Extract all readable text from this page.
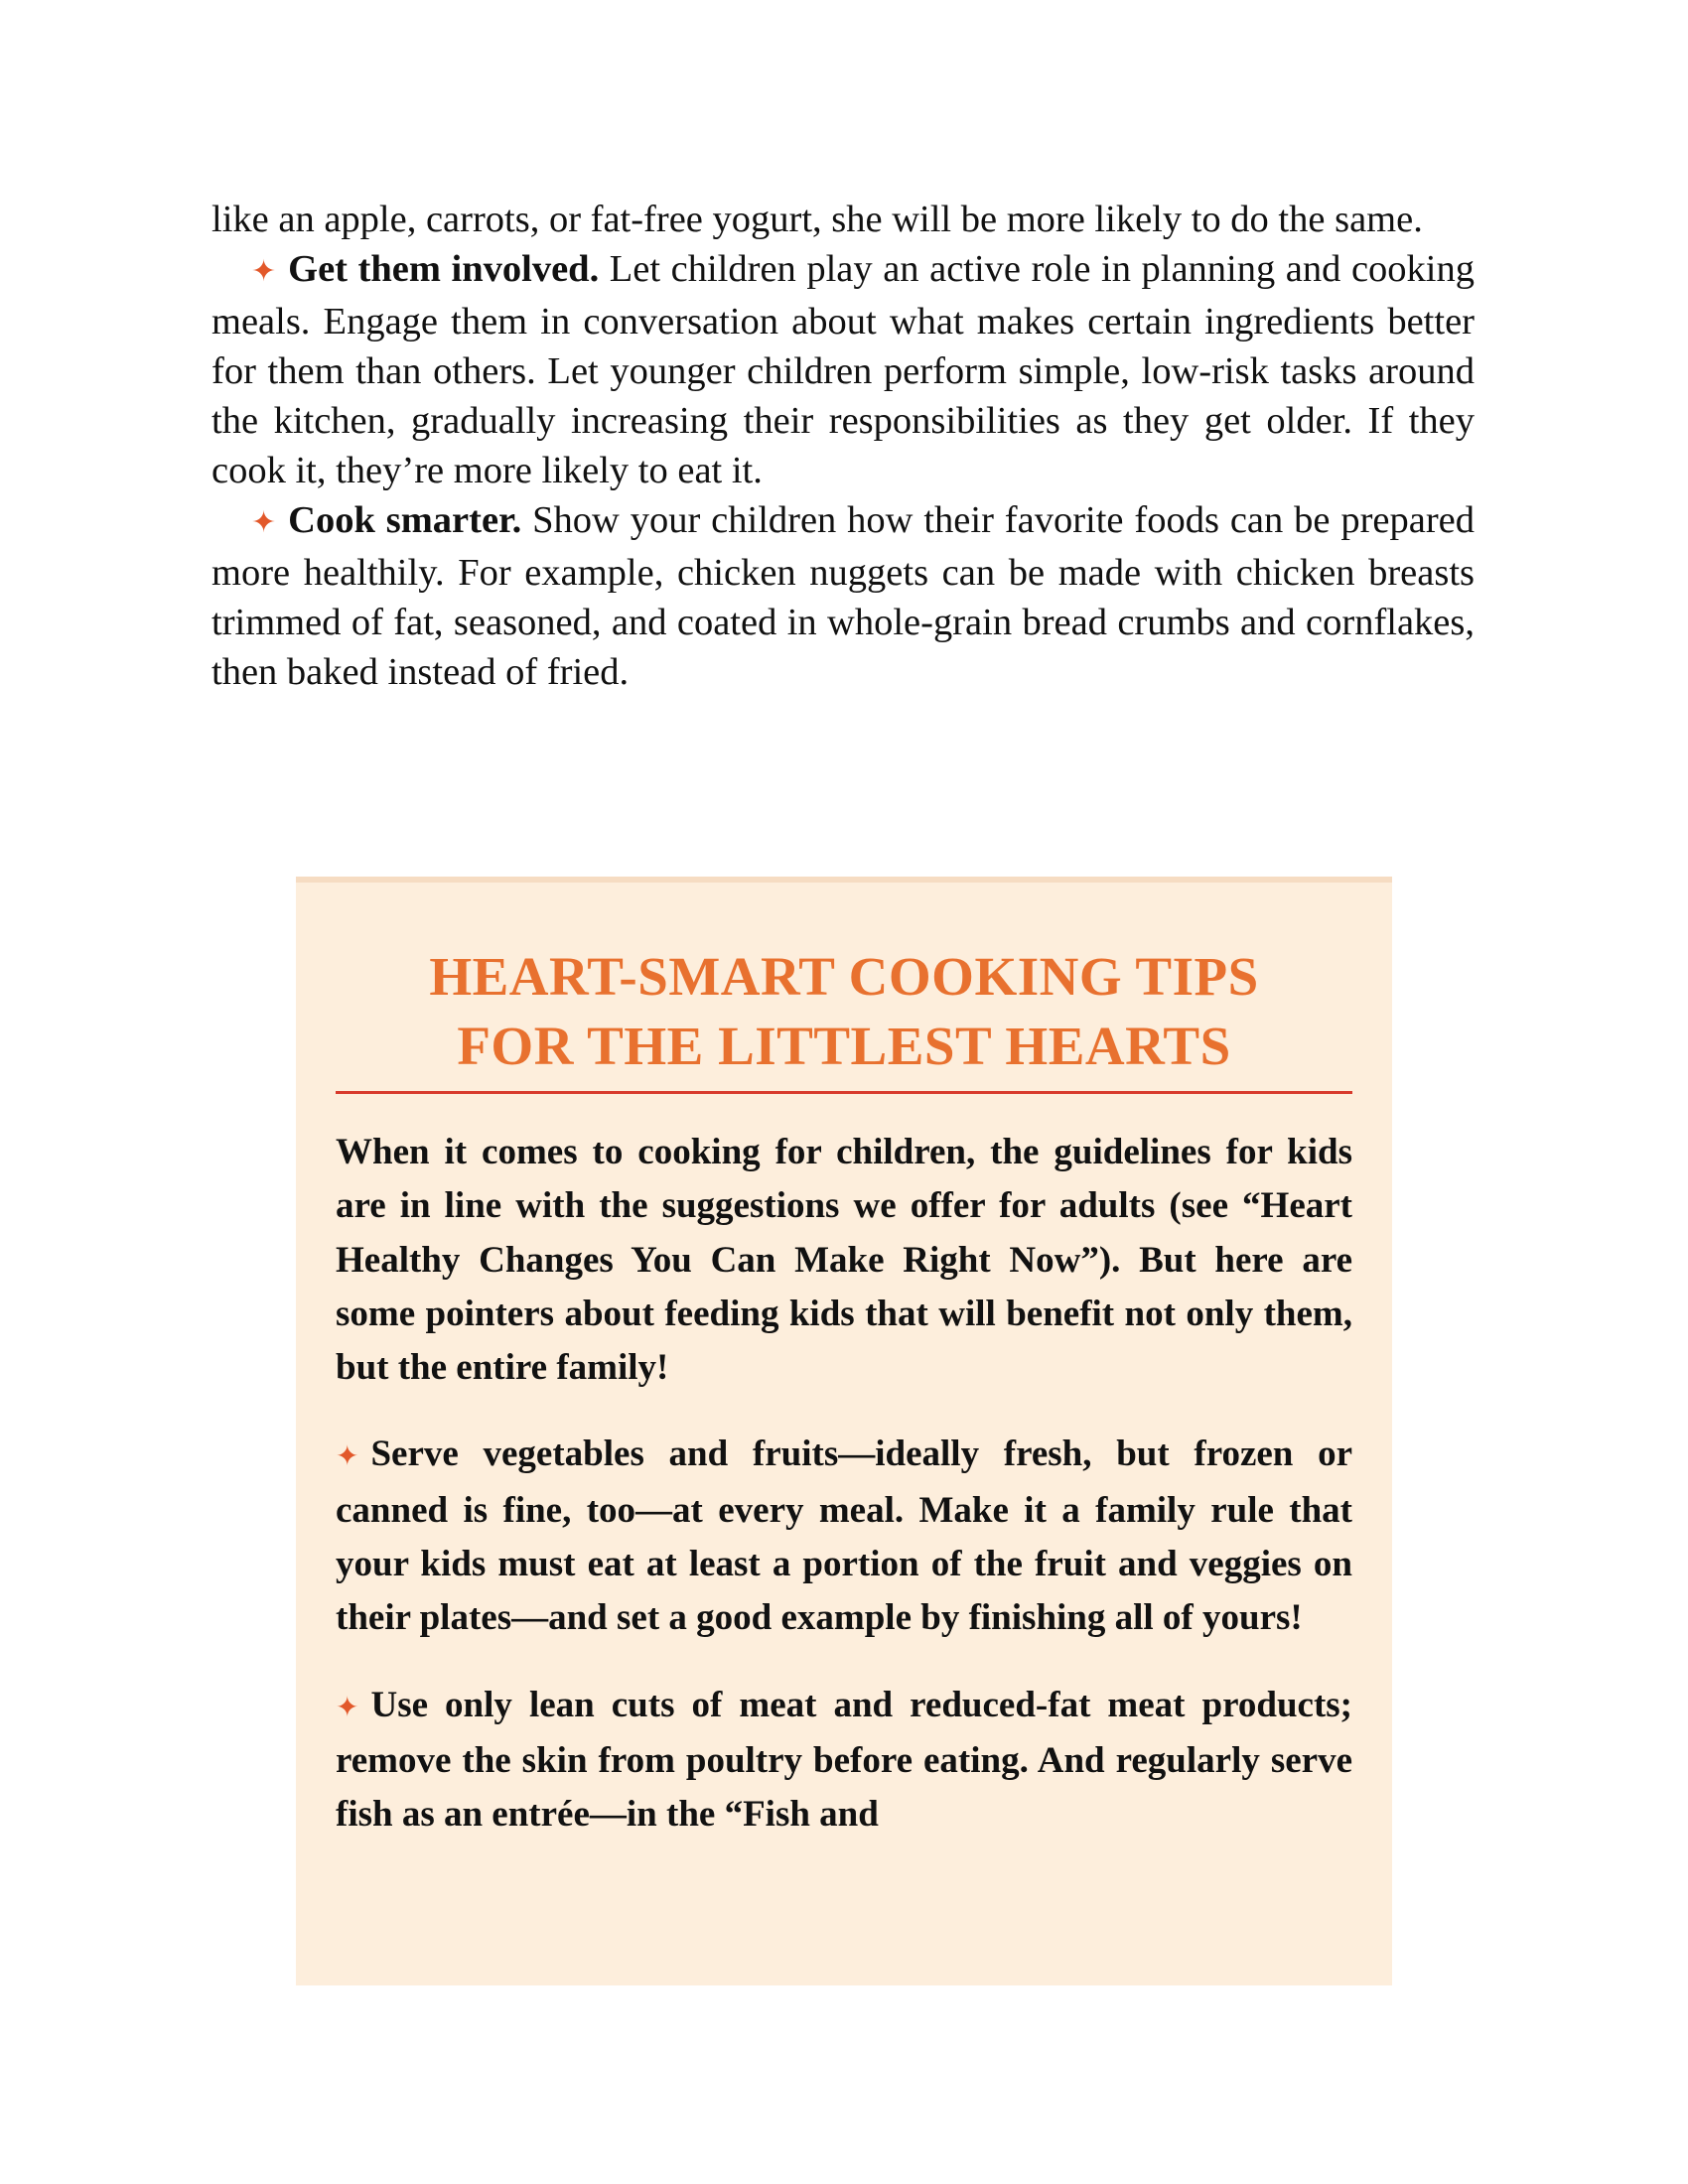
like an apple, carrots, or fat-free yogurt, she will be more likely to do the same.

✦ Get them involved. Let children play an active role in planning and cooking meals. Engage them in conversation about what makes certain ingredients better for them than others. Let younger children perform simple, low-risk tasks around the kitchen, gradually increasing their responsibilities as they get older. If they cook it, they’re more likely to eat it.

✦ Cook smarter. Show your children how their favorite foods can be prepared more healthily. For example, chicken nuggets can be made with chicken breasts trimmed of fat, seasoned, and coated in whole-grain bread crumbs and cornflakes, then baked instead of fried.

HEART-SMART COOKING TIPS
FOR THE LITTLEST HEARTS

When it comes to cooking for children, the guidelines for kids are in line with the suggestions we offer for adults (see “Heart Healthy Changes You Can Make Right Now”). But here are some pointers about feeding kids that will benefit not only them, but the entire family!

✦ Serve vegetables and fruits—ideally fresh, but frozen or canned is fine, too—at every meal. Make it a family rule that your kids must eat at least a portion of the fruit and veggies on their plates—and set a good example by finishing all of yours!

✦ Use only lean cuts of meat and reduced-fat meat products; remove the skin from poultry before eating. And regularly serve fish as an entrée—in the “Fish and
